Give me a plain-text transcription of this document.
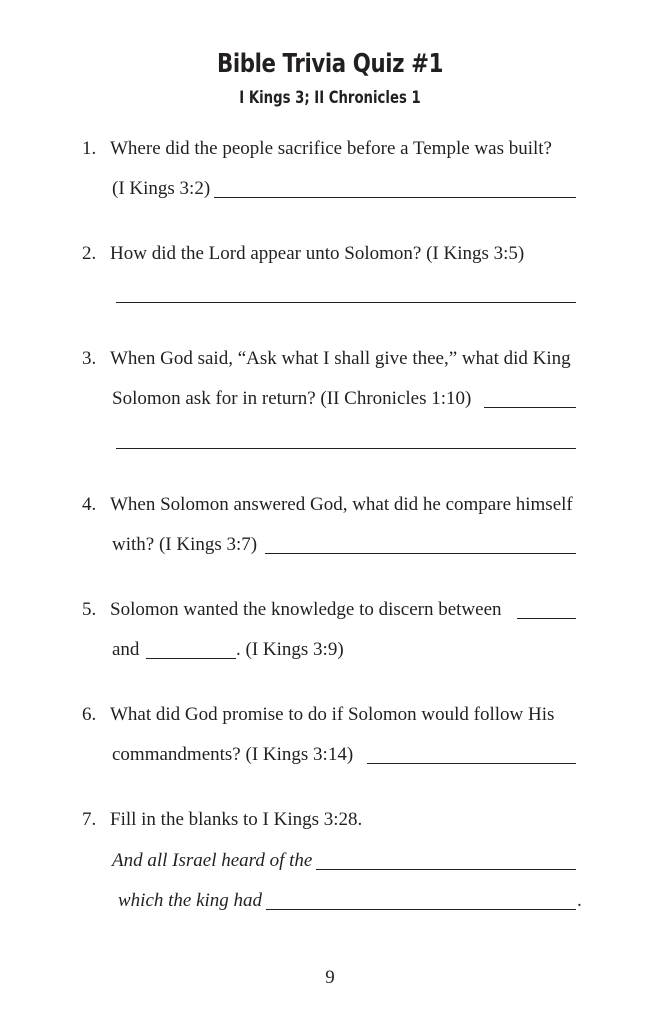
Bible Trivia Quiz #1
I Kings 3; II Chronicles 1
1. Where did the people sacrifice before a Temple was built?
(I Kings 3:2)
2. How did the Lord appear unto Solomon? (I Kings 3:5)
3. When God said, “Ask what I shall give thee,” what did King
Solomon ask for in return? (II Chronicles 1:10)
4. When Solomon answered God, what did he compare himself
with? (I Kings 3:7)
5. Solomon wanted the knowledge to discern between
and	. (I Kings 3:9)
6. What did God promise to do if Solomon would follow His
commandments? (I Kings 3:14)
7. Fill in the blanks to I Kings 3:28.
And all Israel heard of the
which the king had	.
9
